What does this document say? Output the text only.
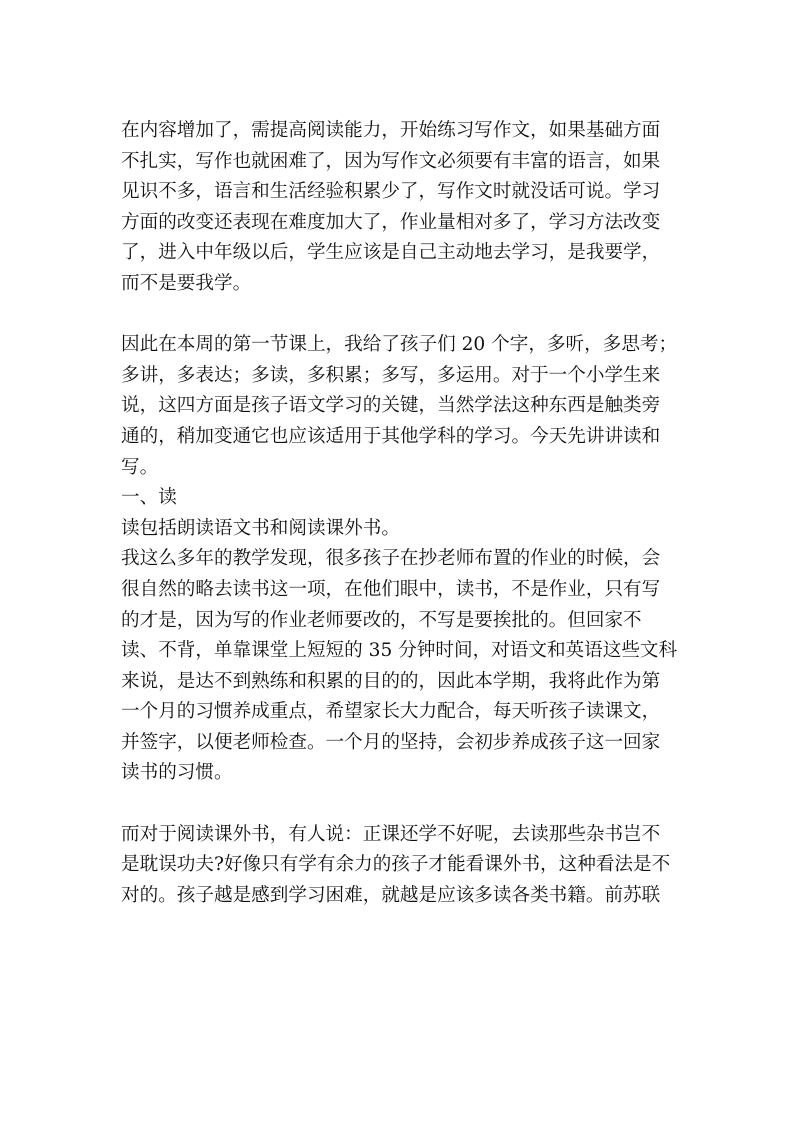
在内容增加了，需提高阅读能力，开始练习写作文，如果基础方面
不扎实，写作也就困难了，因为写作文必须要有丰富的语言，如果
见识不多，语言和生活经验积累少了，写作文时就没话可说。学习
方面的改变还表现在难度加大了，作业量相对多了，学习方法改变
了，进入中年级以后，学生应该是自己主动地去学习，是我要学，
而不是要我学。
因此在本周的第一节课上，我给了孩子们 20 个字，多听，多思考；
多讲，多表达；多读，多积累；多写，多运用。对于一个小学生来
说，这四方面是孩子语文学习的关键，当然学法这种东西是触类旁
通的，稍加变通它也应该适用于其他学科的学习。今天先讲讲读和
写。
一、读
读包括朗读语文书和阅读课外书。
我这么多年的教学发现，很多孩子在抄老师布置的作业的时候，会
很自然的略去读书这一项，在他们眼中，读书，不是作业，只有写
的才是，因为写的作业老师要改的，不写是要挨批的。但回家不
读、不背，单靠课堂上短短的 35 分钟时间，对语文和英语这些文科
来说，是达不到熟练和积累的目的的，因此本学期，我将此作为第
一个月的习惯养成重点，希望家长大力配合，每天听孩子读课文，
并签字，以便老师检查。一个月的坚持，会初步养成孩子这一回家
读书的习惯。
而对于阅读课外书，有人说：正课还学不好呢，去读那些杂书岂不
是耽误功夫?好像只有学有余力的孩子才能看课外书，这种看法是不
对的。孩子越是感到学习困难，就越是应该多读各类书籍。前苏联
